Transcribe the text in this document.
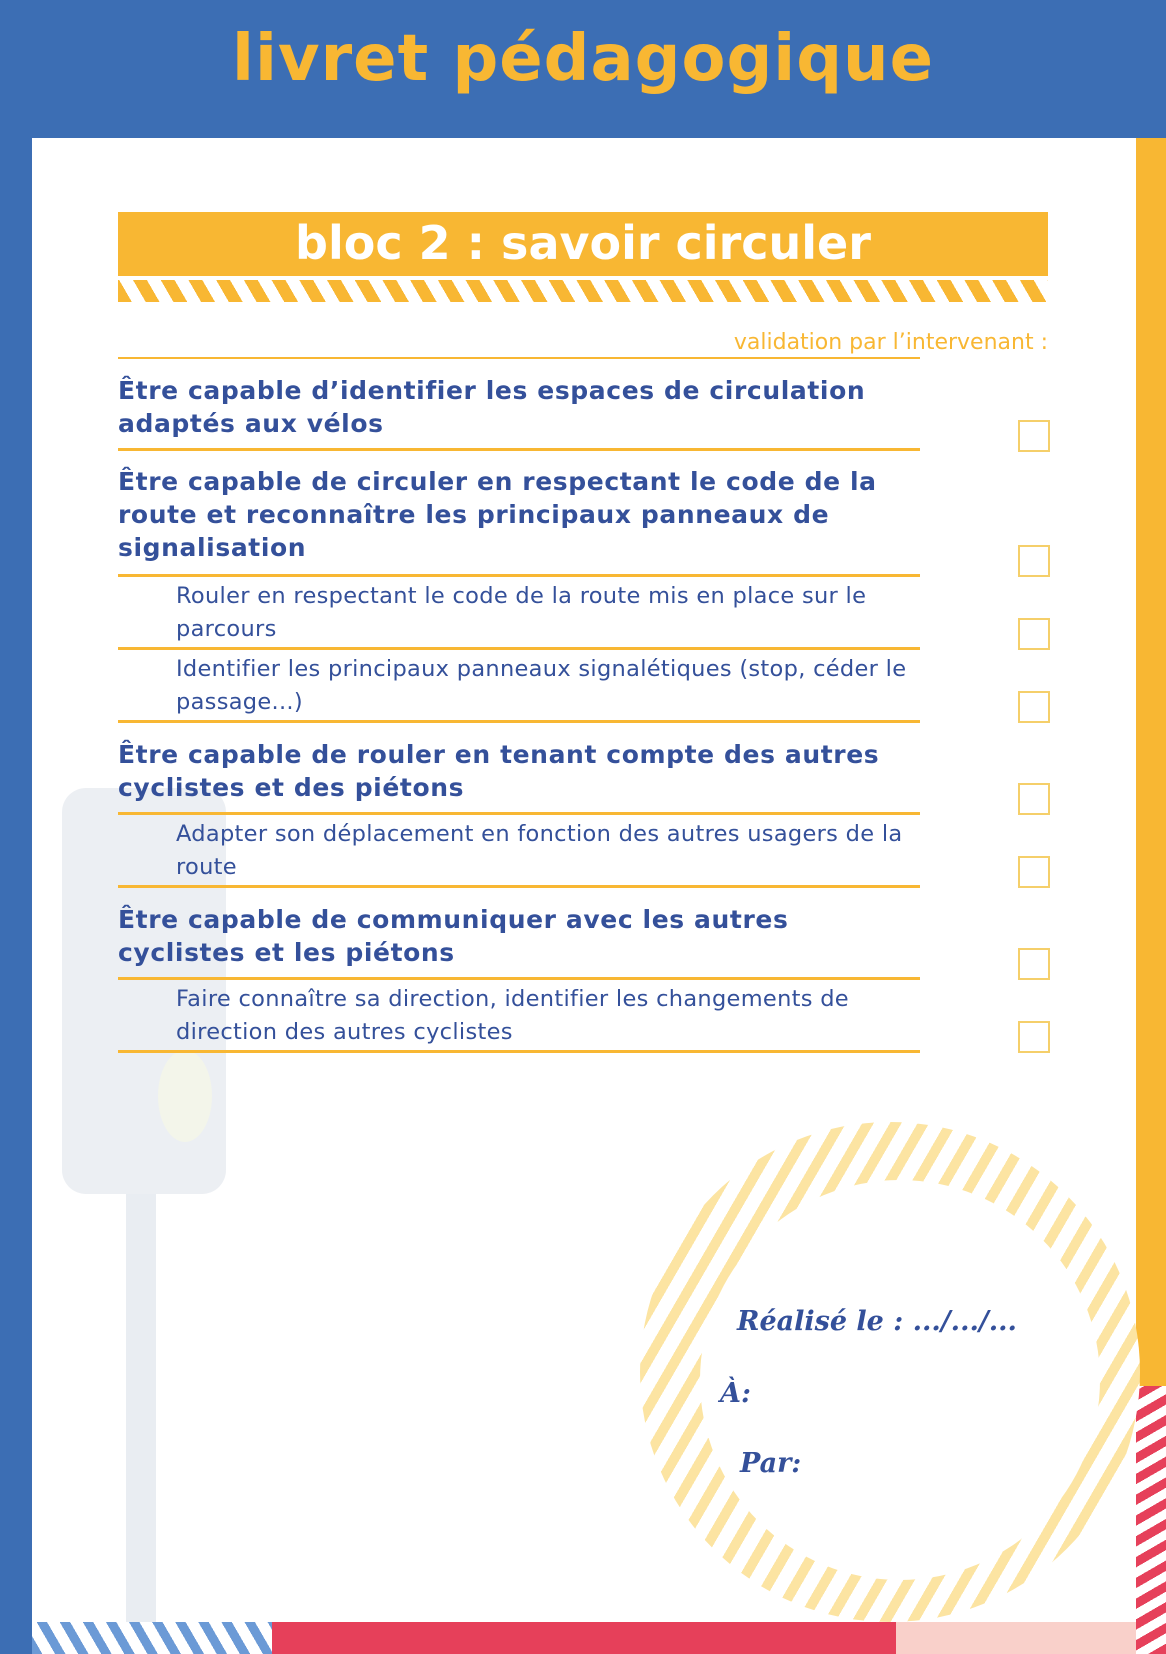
livret pédagogique
Réalisé le : .../.../...
À:
Par:
bloc 2 : savoir circuler
validation par l’intervenant :
Être capable d’identifier les espaces de circulation adaptés aux vélos
Être capable de circuler en respectant le code de la route et reconnaître les principaux panneaux de signalisation
Rouler en respectant le code de la route mis en place sur le parcours
Identifier les principaux panneaux signalétiques (stop, céder le passage...)
Être capable de rouler en tenant compte des autres cyclistes et des piétons
Adapter son déplacement en fonction des autres usagers de la route
Être capable de communiquer avec les autres cyclistes et les piétons
Faire connaître sa direction, identifier les changements de direction des autres cyclistes
